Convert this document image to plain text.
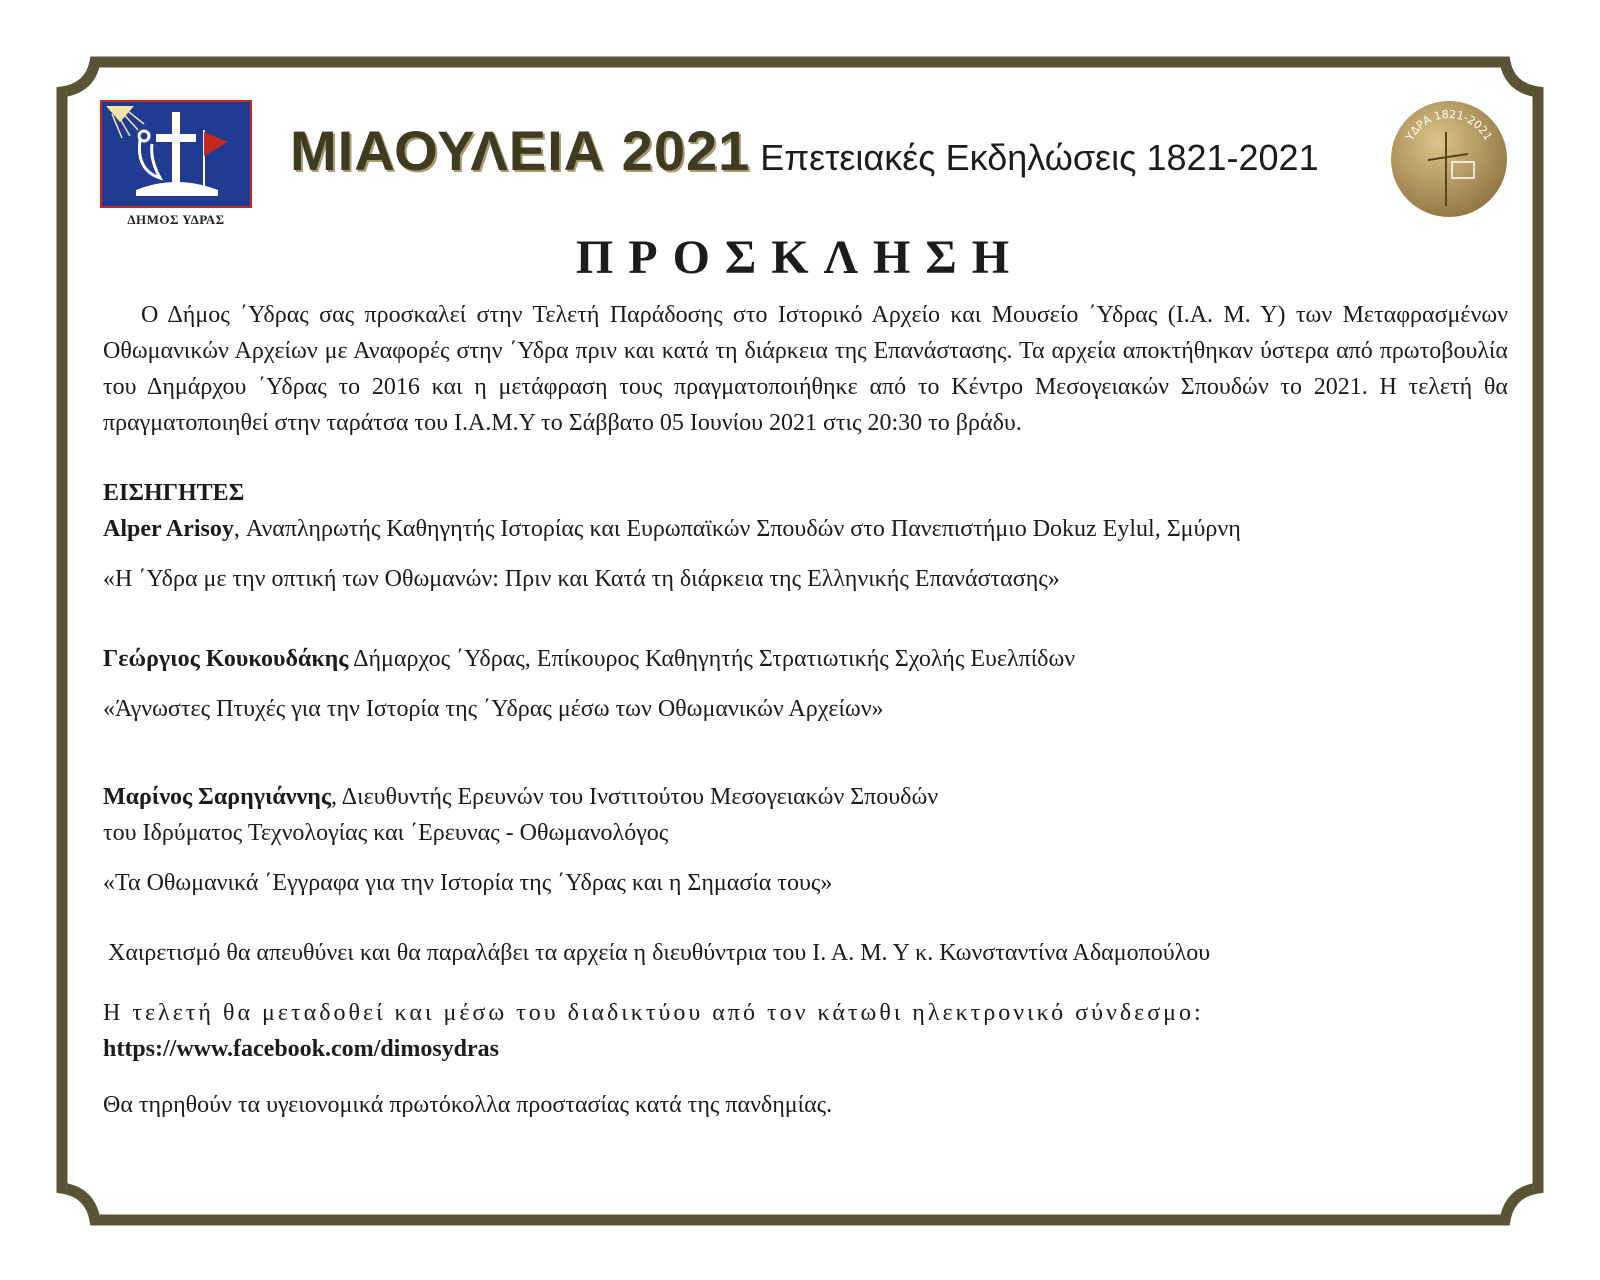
ΔΗΜΟΣ ΥΔΡΑΣ
ΜΙΑΟΥΛΕΙΑ 2021 Επετειακές Εκδηλώσεις 1821-2021
ΥΔΡΑ 1821-2021
ΠΡΟΣΚΛΗΣΗ

Ο Δήμος ΄Υδρας σας προσκαλεί στην Τελετή Παράδοσης στο Ιστορικό Αρχείο και Μουσείο ΄Υδρας (Ι.Α. Μ. Υ) των Μεταφρασμένων Οθωμανικών Αρχείων με Αναφορές στην ΄Υδρα πριν και κατά τη διάρκεια της Επανάστασης. Τα αρχεία αποκτήθηκαν ύστερα από πρωτοβουλία του Δημάρχου ΄Υδρας το 2016 και η μετάφραση τους πραγματοποιήθηκε από το Κέντρο Μεσογειακών Σπουδών το 2021. Η τελετή θα πραγματοποιηθεί στην ταράτσα του Ι.Α.Μ.Υ το Σάββατο 05 Ιουνίου 2021 στις 20:30 το βράδυ.

ΕΙΣΗΓΗΤΕΣ
Alper Arisoy, Αναπληρωτής Καθηγητής Ιστορίας και Ευρωπαϊκών Σπουδών στο Πανεπιστήμιο Dokuz Eylul, Σμύρνη
«Η ΄Υδρα με την οπτική των Οθωμανών: Πριν και Κατά τη διάρκεια της Ελληνικής Επανάστασης»
Γεώργιος Κουκουδάκης Δήμαρχος ΄Υδρας, Επίκουρος Καθηγητής Στρατιωτικής Σχολής Ευελπίδων
«Άγνωστες Πτυχές για την Ιστορία της ΄Υδρας μέσω των Οθωμανικών Αρχείων»
Μαρίνος Σαρηγιάννης, Διευθυντής Ερευνών του Ινστιτούτου Μεσογειακών Σπουδών
του Ιδρύματος Τεχνολογίας και ΄Ερευνας - Οθωμανολόγος
«Τα Οθωμανικά ΄Εγγραφα για την Ιστορία της ΄Υδρας και η Σημασία τους»
Χαιρετισμό θα απευθύνει και θα παραλάβει τα αρχεία η διευθύντρια του Ι. Α. Μ. Υ κ. Κωνσταντίνα Αδαμοπούλου
Η τελετή θα μεταδοθεί και μέσω του διαδικτύου από τον κάτωθι ηλεκτρονικό σύνδεσμο:
https://www.facebook.com/dimosydras
Θα τηρηθούν τα υγειονομικά πρωτόκολλα προστασίας κατά της πανδημίας.
